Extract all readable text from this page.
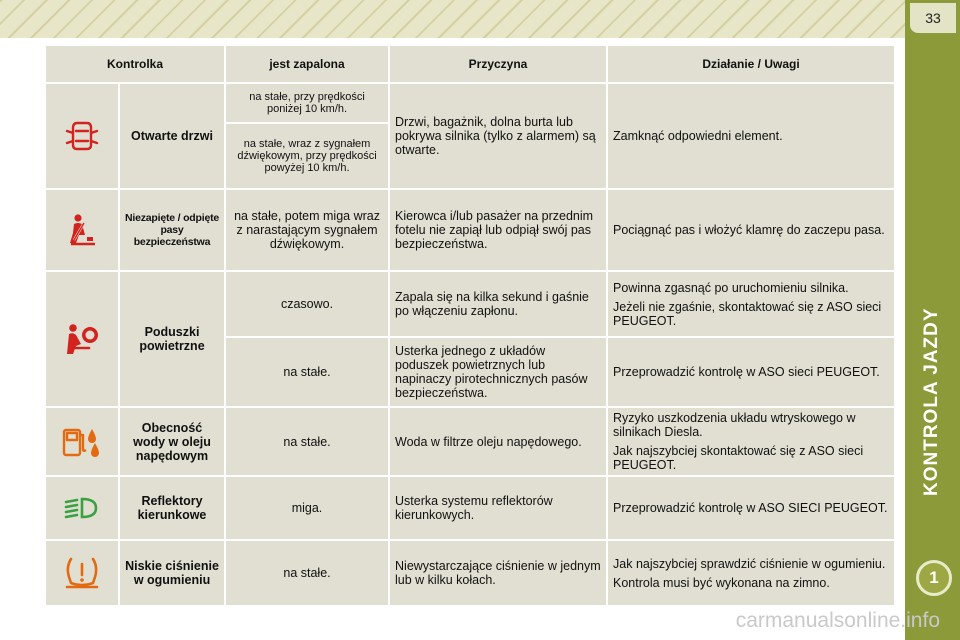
33
KONTROLA JAZDY
1
carmanualsonline.info
Kontrolka		jest zapalona	Przyczyna	Działanie / Uwagi
	Otwarte drzwi	na stałe, przy prędkości poniżej 10 km/h.	Drzwi, bagażnik, dolna burta lub pokrywa silnika (tylko z alarmem) są otwarte.	Zamknąć odpowiedni element.

		na stałe, wraz z sygnałem dźwiękowym, przy prędkości powyżej 10 km/h.		
	Niezapięte / odpięte pasy bezpieczeństwa	na stałe, potem miga wraz z narastającym sygnałem dźwiękowym.	Kierowca i/lub pasażer na przednim fotelu nie zapiął lub odpiął swój pas bezpieczeństwa.	Pociągnąć pas i włożyć klamrę do zaczepu pasa.

	Poduszki powietrzne	czasowo.	Zapala się na kilka sekund i gaśnie po włączeniu zapłonu.	Powinna zgasnąć po uruchomieniu silnika.

Jeżeli nie zgaśnie, skontaktować się z ASO sieci PEUGEOT.

		na stałe.	Usterka jednego z układów poduszek powietrznych lub napinaczy pirotechnicznych pasów bezpieczeństwa.	Przeprowadzić kontrolę w ASO sieci PEUGEOT.

	Obecność wody w oleju napędowym	na stałe.	Woda w filtrze oleju napędowego.	Ryzyko uszkodzenia układu wtryskowego w silnikach Diesla.

Jak najszybciej skontaktować się z ASO sieci PEUGEOT.

	Reflektory kierunkowe	miga.	Usterka systemu reflektorów kierunkowych.	Przeprowadzić kontrolę w ASO SIECI PEUGEOT.

	Niskie ciśnienie w ogumieniu	na stałe.	Niewystarczające ciśnienie w jednym lub w kilku kołach.	Jak najszybciej sprawdzić ciśnienie w ogumieniu.

Kontrola musi być wykonana na zimno.
